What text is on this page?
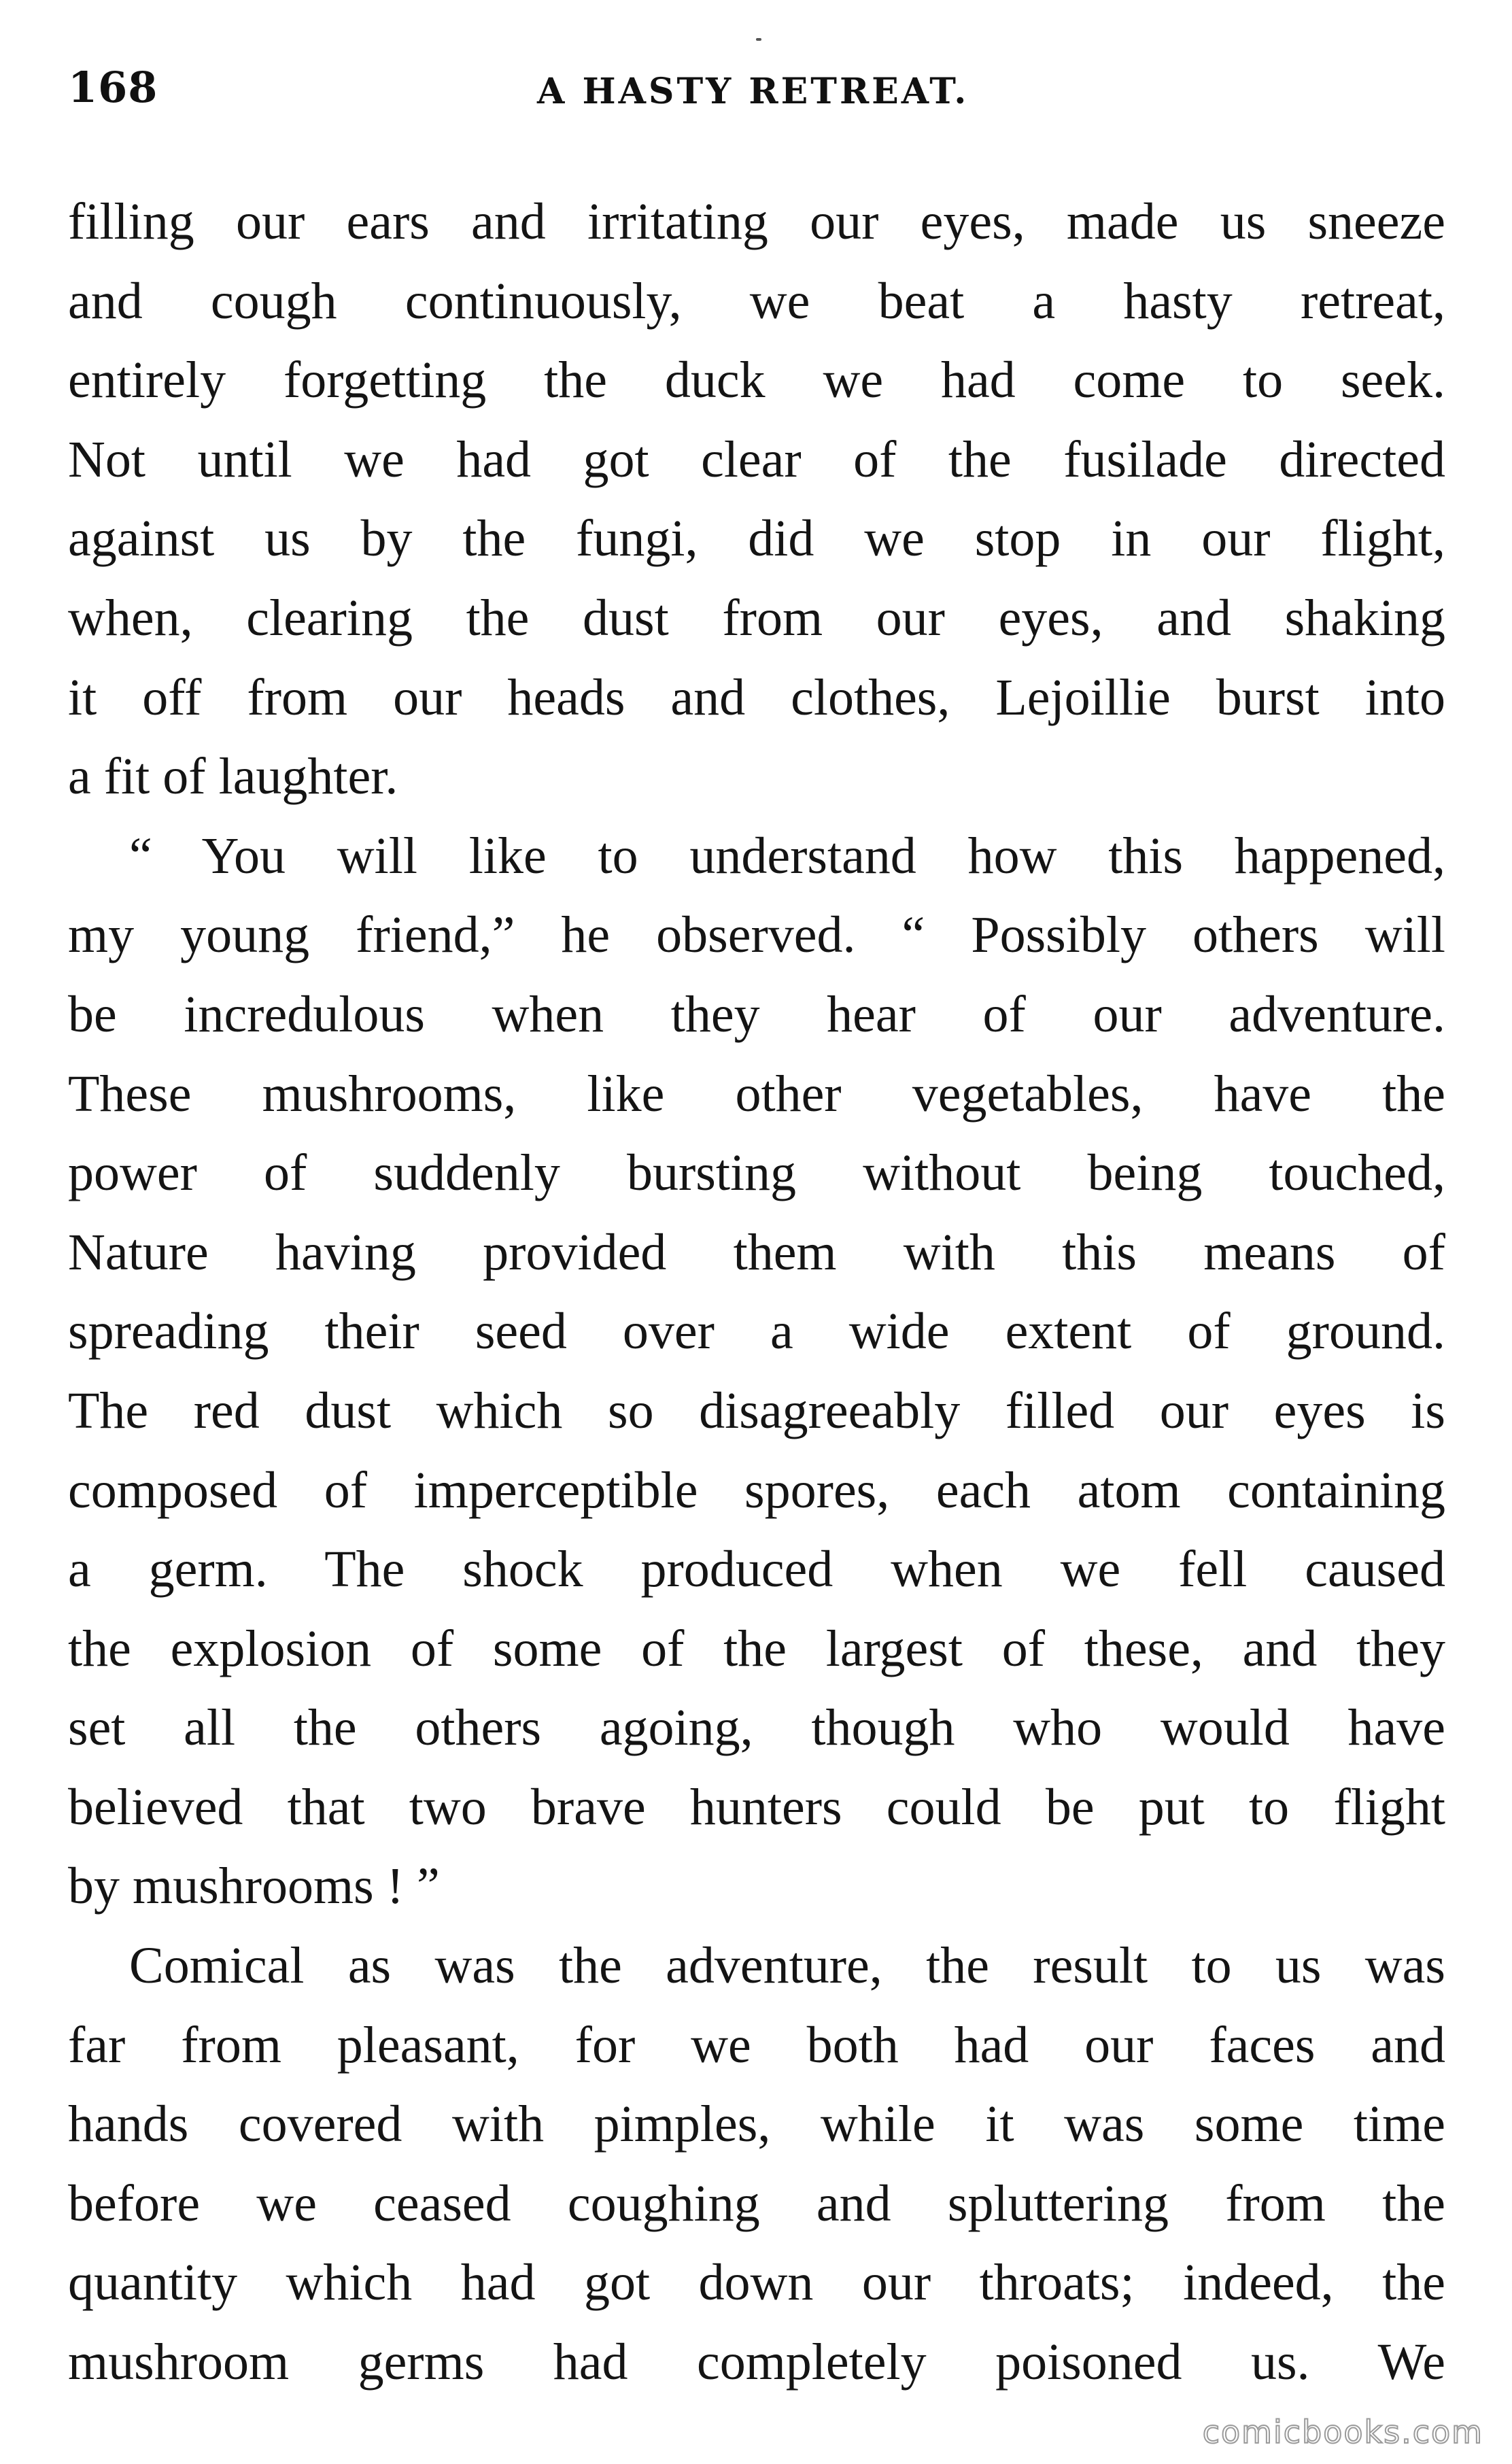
168	A HASTY RETREAT.

filling our ears and irritating our eyes, made us sneeze
and cough continuously, we beat a hasty retreat,
entirely forgetting the duck we had come to seek.
Not until we had got clear of the fusilade directed
against us by the fungi, did we stop in our flight,
when, clearing the dust from our eyes, and shaking
it off from our heads and clothes, Lejoillie burst into
a fit of laughter.

“ You will like to understand how this happened,
my young friend,” he observed. “ Possibly others will
be incredulous when they hear of our adventure.
These mushrooms, like other vegetables, have the
power of suddenly bursting without being touched,
Nature having provided them with this means of
spreading their seed over a wide extent of ground.
The red dust which so disagreeably filled our eyes is
composed of imperceptible spores, each atom containing
a germ. The shock produced when we fell caused
the explosion of some of the largest of these, and they
set all the others agoing, though who would have
believed that two brave hunters could be put to flight
by mushrooms ! ”

Comical as was the adventure, the result to us was
far from pleasant, for we both had our faces and
hands covered with pimples, while it was some time
before we ceased coughing and spluttering from the
quantity which had got down our throats; indeed, the
mushroom germs had completely poisoned us. We

comicbooks.com
